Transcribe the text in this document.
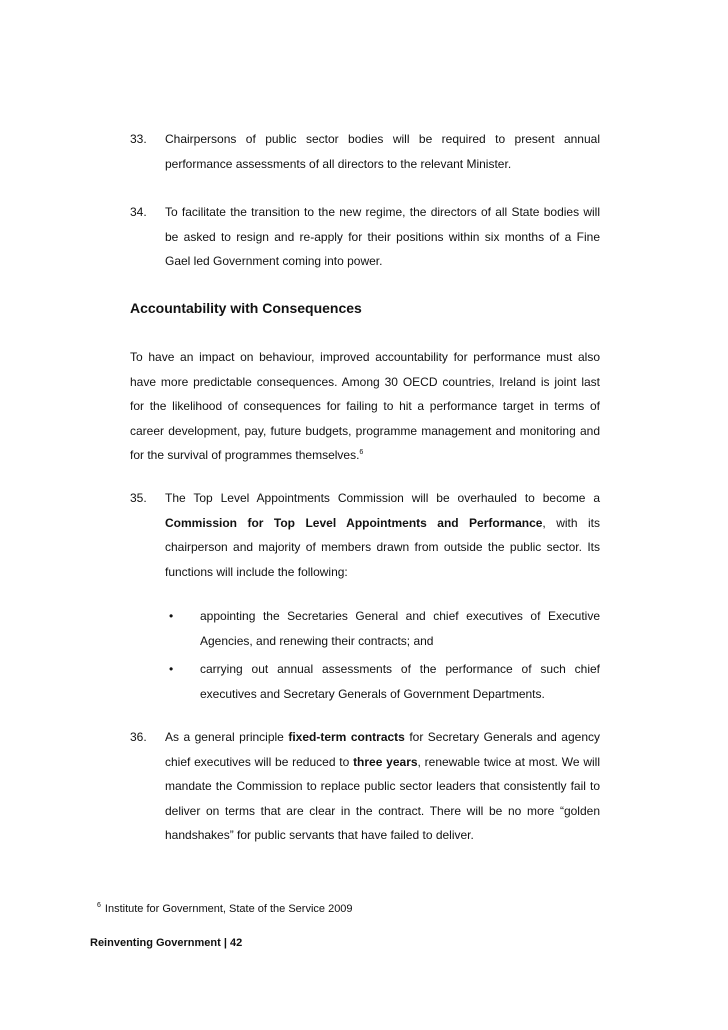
33.	Chairpersons of public sector bodies will be required to present annual performance assessments of all directors to the relevant Minister.
34.	To facilitate the transition to the new regime, the directors of all State bodies will be asked to resign and re-apply for their positions within six months of a Fine Gael led Government coming into power.
Accountability with Consequences
To have an impact on behaviour, improved accountability for performance must also have more predictable consequences. Among 30 OECD countries, Ireland is joint last for the likelihood of consequences for failing to hit a performance target in terms of career development, pay, future budgets, programme management and monitoring and for the survival of programmes themselves.$^6$
35.	The Top Level Appointments Commission will be overhauled to become a Commission for Top Level Appointments and Performance, with its chairperson and majority of members drawn from outside the public sector. Its functions will include the following:
• appointing the Secretaries General and chief executives of Executive Agencies, and renewing their contracts; and
• carrying out annual assessments of the performance of such chief executives and Secretary Generals of Government Departments.
36.	As a general principle fixed-term contracts for Secretary Generals and agency chief executives will be reduced to three years, renewable twice at most. We will mandate the Commission to replace public sector leaders that consistently fail to deliver on terms that are clear in the contract. There will be no more “golden handshakes” for public servants that have failed to deliver.
$^6$ Institute for Government, State of the Service 2009
Reinventing Government | 42
